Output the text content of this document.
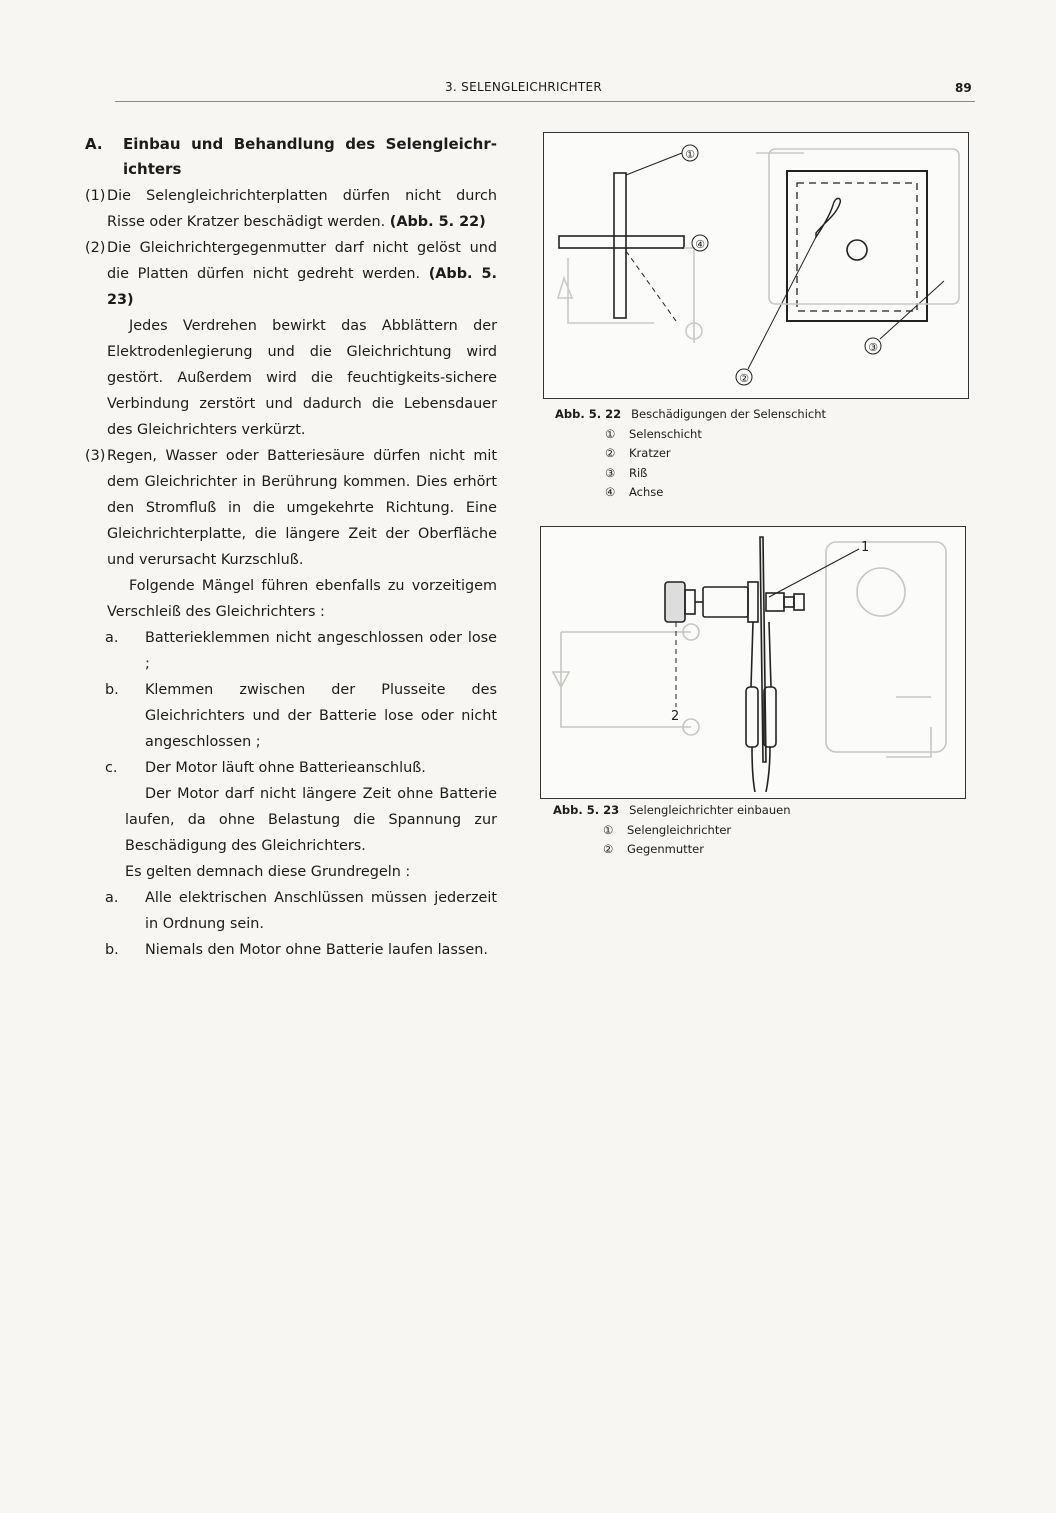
3. SELENGLEICHRICHTER	89

A.	Einbau und Behandlung des Selengleichr-ichters

(1) Die Selengleichrichterplatten dürfen nicht durch Risse oder Kratzer beschädigt werden. (Abb. 5. 22)

(2) Die Gleichrichtergegenmutter darf nicht gelöst und die Platten dürfen nicht gedreht werden. (Abb. 5. 23)

Jedes Verdrehen bewirkt das Abblättern der Elektrodenlegierung und die Gleichrichtung wird gestört. Außerdem wird die feuchtigkeits-sichere Verbindung zerstört und dadurch die Lebensdauer des Gleichrichters verkürzt.

(3) Regen, Wasser oder Batteriesäure dürfen nicht mit dem Gleichrichter in Berührung kommen. Dies erhört den Stromfluß in die umgekehrte Richtung. Eine Gleichrichterplatte, die längere Zeit der Oberfläche und verursacht Kurzschluß.

Folgende Mängel führen ebenfalls zu vorzeitigem Verschleiß des Gleichrichters :

a.	Batterieklemmen nicht angeschlossen oder lose ;

b.	Klemmen zwischen der Plusseite des Gleichrichters und der Batterie lose oder nicht angeschlossen ;

c.	Der Motor läuft ohne Batterieanschluß.

Der Motor darf nicht längere Zeit ohne Batterie laufen, da ohne Belastung die Spannung zur Beschädigung des Gleichrichters.

Es gelten demnach diese Grundregeln :

a.	Alle elektrischen Anschlüssen müssen jederzeit in Ordnung sein.

b.	Niemals den Motor ohne Batterie laufen lassen.

①
④
②
③
Abb. 5. 22 Beschädigungen der Selenschicht
①	Selenschicht
②	Kratzer
③	Riß
④	Achse
1
2
Abb. 5. 23 Selengleichrichter einbauen
①	Selengleichrichter
②	Gegenmutter
